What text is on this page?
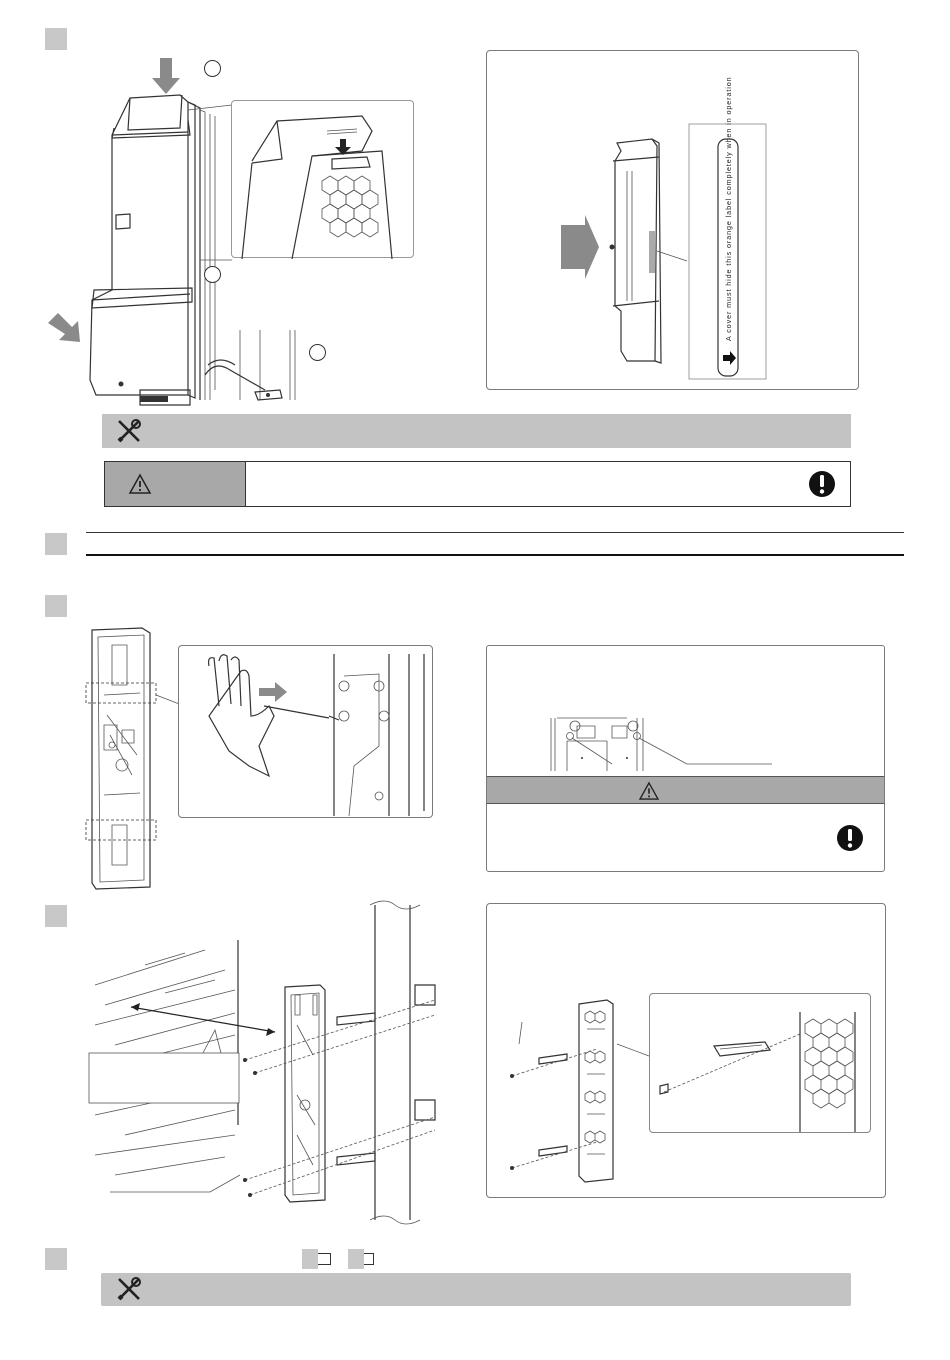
A cover must hide this orange label completely when in operation
